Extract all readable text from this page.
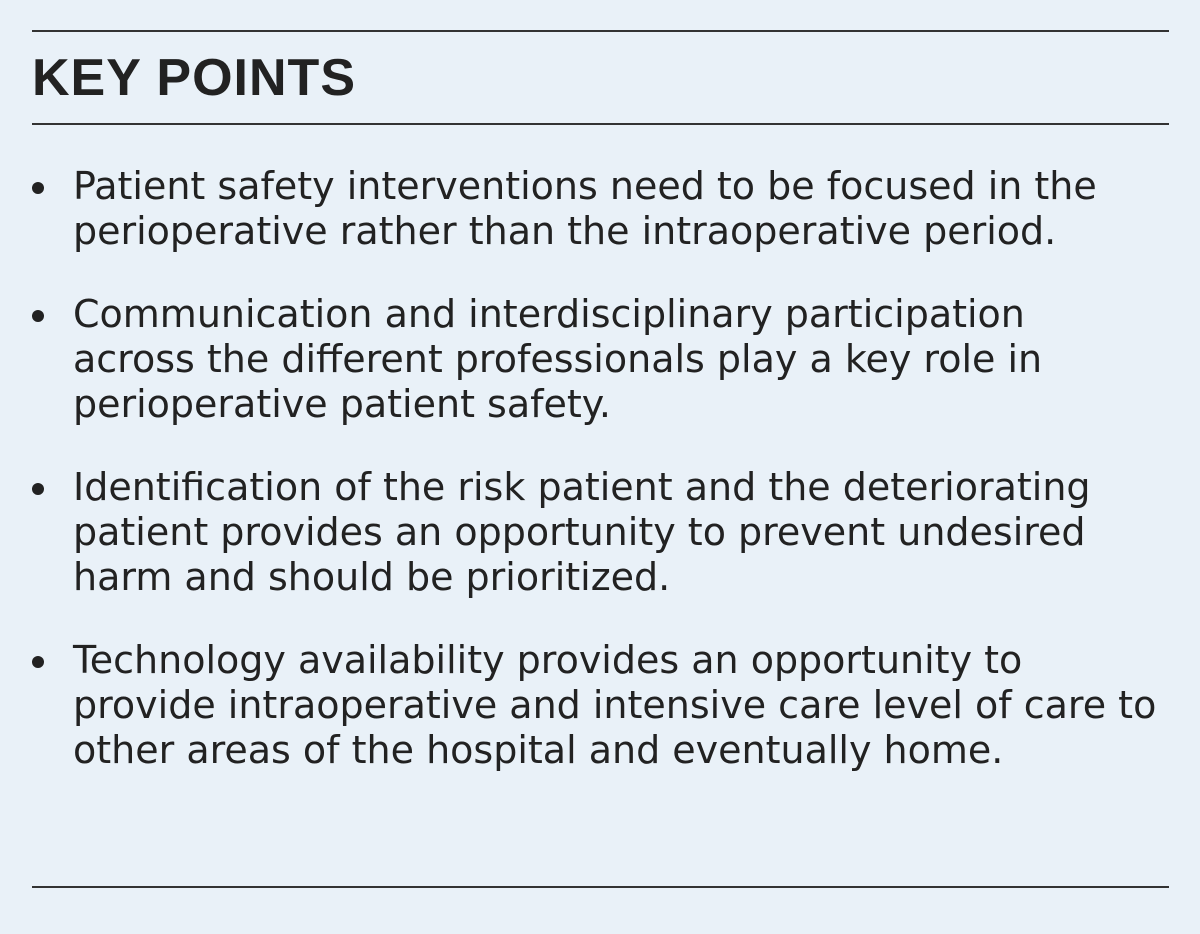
KEY POINTS
Patient safety interventions need to be focused in the perioperative rather than the intraoperative period.
Communication and interdisciplinary participation across the different professionals play a key role in perioperative patient safety.
Identification of the risk patient and the deteriorating patient provides an opportunity to prevent undesired harm and should be prioritized.
Technology availability provides an opportunity to provide intraoperative and intensive care level of care to other areas of the hospital and eventually home.
